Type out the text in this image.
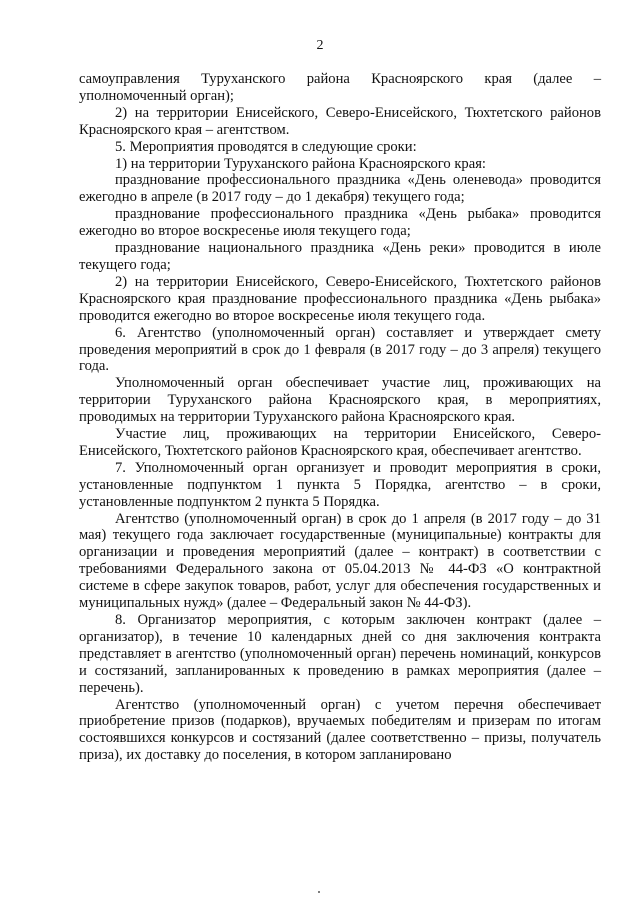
2

самоуправления Туруханского района Красноярского края (далее – уполномоченный орган);

2) на территории Енисейского, Северо-Енисейского, Тюхтетского районов Красноярского края – агентством.

5. Мероприятия проводятся в следующие сроки:

1) на территории Туруханского района Красноярского края:

празднование профессионального праздника «День оленевода» проводится ежегодно в апреле (в 2017 году – до 1 декабря) текущего года;

празднование профессионального праздника «День рыбака» проводится ежегодно во второе воскресенье июля текущего года;

празднование национального праздника «День реки» проводится в июле текущего года;

2) на территории Енисейского, Северо-Енисейского, Тюхтетского районов Красноярского края празднование профессионального праздника «День рыбака» проводится ежегодно во второе воскресенье июля текущего года.

6. Агентство (уполномоченный орган) составляет и утверждает смету проведения мероприятий в срок до 1 февраля (в 2017 году – до 3 апреля) текущего года.

Уполномоченный орган обеспечивает участие лиц, проживающих на территории Туруханского района Красноярского края, в мероприятиях, проводимых на территории Туруханского района Красноярского края.

Участие лиц, проживающих на территории Енисейского, Северо-Енисейского, Тюхтетского районов Красноярского края, обеспечивает агентство.

7. Уполномоченный орган организует и проводит мероприятия в сроки, установленные подпунктом 1 пункта 5 Порядка, агентство – в сроки, установленные подпунктом 2 пункта 5 Порядка.

Агентство (уполномоченный орган) в срок до 1 апреля (в 2017 году – до 31 мая) текущего года заключает государственные (муниципальные) контракты для организации и проведения мероприятий (далее – контракт) в соответствии с требованиями Федерального закона от 05.04.2013 № 44-ФЗ «О контрактной системе в сфере закупок товаров, работ, услуг для обеспечения государственных и муниципальных нужд» (далее – Федеральный закон № 44-ФЗ).

8. Организатор мероприятия, с которым заключен контракт (далее – организатор), в течение 10 календарных дней со дня заключения контракта представляет в агентство (уполномоченный орган) перечень номинаций, конкурсов и состязаний, запланированных к проведению в рамках мероприятия (далее – перечень).

Агентство (уполномоченный орган) с учетом перечня обеспечивает приобретение призов (подарков), вручаемых победителям и призерам по итогам состоявшихся конкурсов и состязаний (далее соответственно – призы, получатель приза), их доставку до поселения, в котором запланировано
